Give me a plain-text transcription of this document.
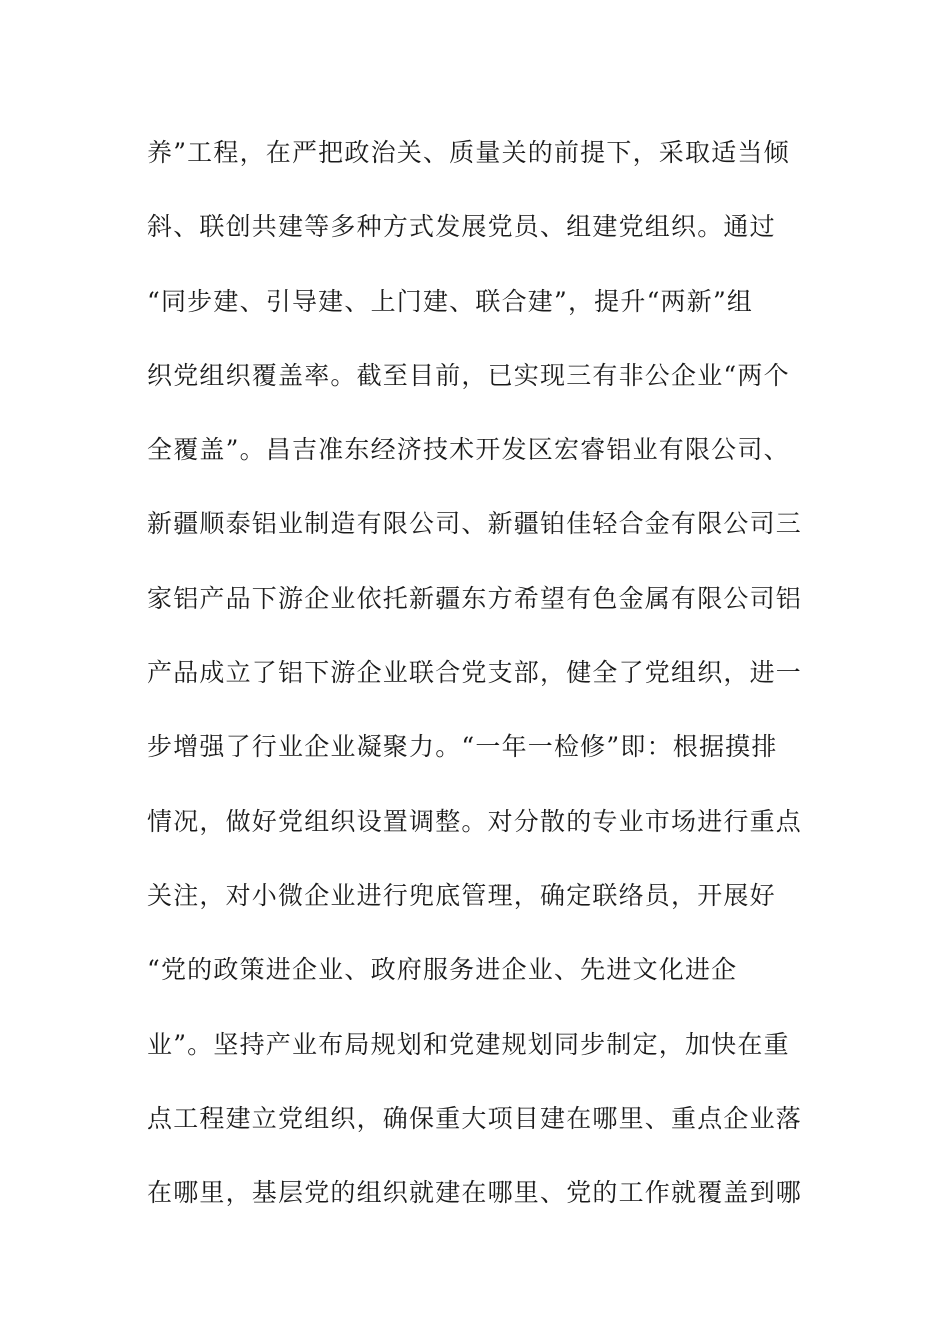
养”工程，在严把政治关、质量关的前提下，采取适当倾
斜、联创共建等多种方式发展党员、组建党组织。通过
“同步建、引导建、上门建、联合建”，提升“两新”组
织党组织覆盖率。截至目前，已实现三有非公企业“两个
全覆盖”。昌吉准东经济技术开发区宏睿铝业有限公司、
新疆顺泰铝业制造有限公司、新疆铂佳轻合金有限公司三
家铝产品下游企业依托新疆东方希望有色金属有限公司铝
产品成立了铝下游企业联合党支部，健全了党组织，进一
步增强了行业企业凝聚力。“一年一检修”即：根据摸排
情况，做好党组织设置调整。对分散的专业市场进行重点
关注，对小微企业进行兜底管理，确定联络员，开展好
“党的政策进企业、政府服务进企业、先进文化进企
业”。坚持产业布局规划和党建规划同步制定，加快在重
点工程建立党组织，确保重大项目建在哪里、重点企业落
在哪里，基层党的组织就建在哪里、党的工作就覆盖到哪
